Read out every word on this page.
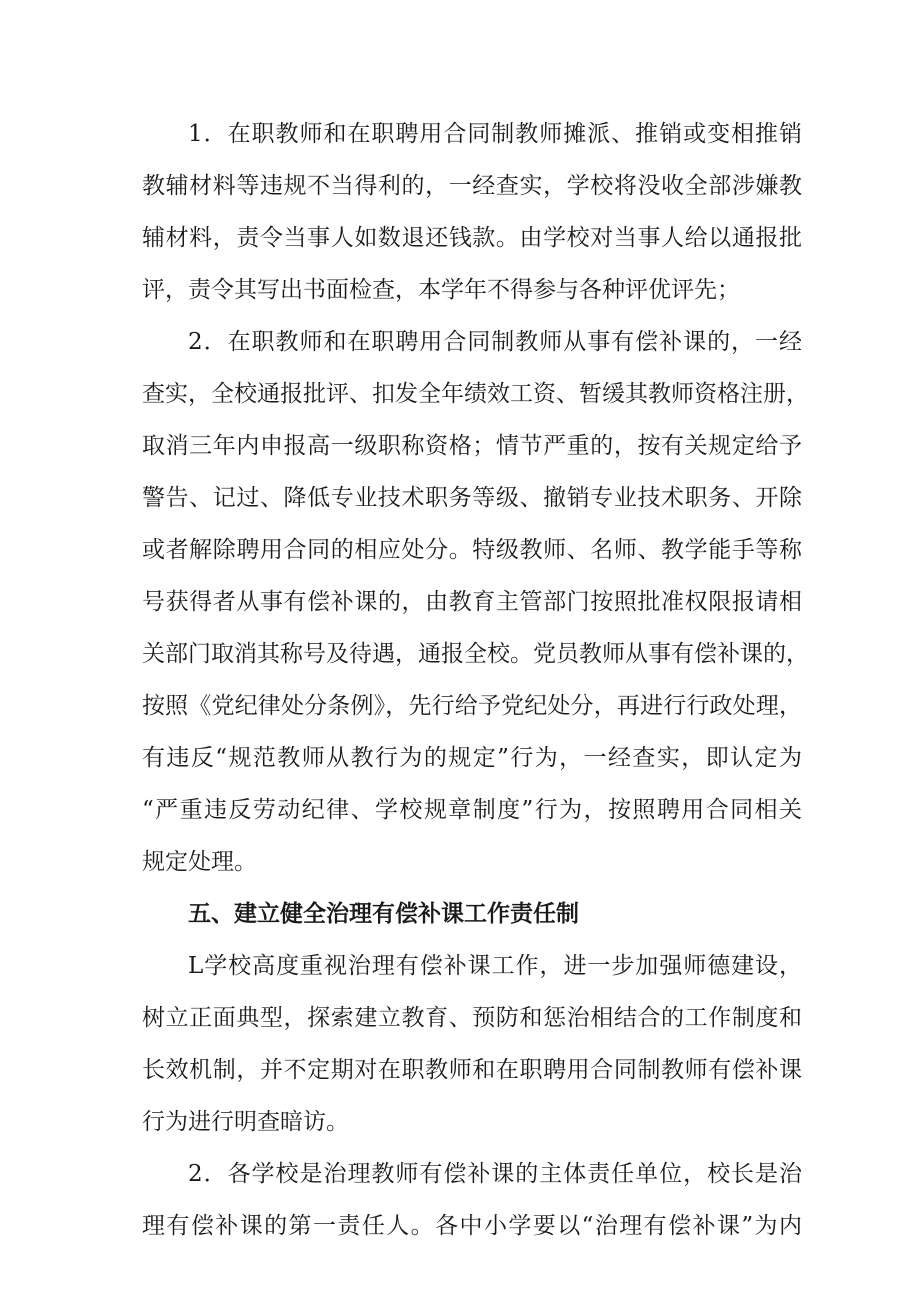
1．在职教师和在职聘用合同制教师摊派、推销或变相推销
教辅材料等违规不当得利的，一经查实，学校将没收全部涉嫌教
辅材料，责令当事人如数退还钱款。由学校对当事人给以通报批
评，责令其写出书面检查，本学年不得参与各种评优评先；
2．在职教师和在职聘用合同制教师从事有偿补课的，一经
查实，全校通报批评、扣发全年绩效工资、暂缓其教师资格注册，
取消三年内申报高一级职称资格；情节严重的，按有关规定给予
警告、记过、降低专业技术职务等级、撤销专业技术职务、开除
或者解除聘用合同的相应处分。特级教师、名师、教学能手等称
号获得者从事有偿补课的，由教育主管部门按照批准权限报请相
关部门取消其称号及待遇，通报全校。党员教师从事有偿补课的，
按照《党纪律处分条例》，先行给予党纪处分，再进行行政处理，
有违反“规范教师从教行为的规定”行为，一经查实，即认定为
“严重违反劳动纪律、学校规章制度”行为，按照聘用合同相关
规定处理。
五、建立健全治理有偿补课工作责任制
L学校高度重视治理有偿补课工作，进一步加强师德建设，
树立正面典型，探索建立教育、预防和惩治相结合的工作制度和
长效机制，并不定期对在职教师和在职聘用合同制教师有偿补课
行为进行明查暗访。
2．各学校是治理教师有偿补课的主体责任单位，校长是治
理有偿补课的第一责任人。各中小学要以“治理有偿补课”为内
